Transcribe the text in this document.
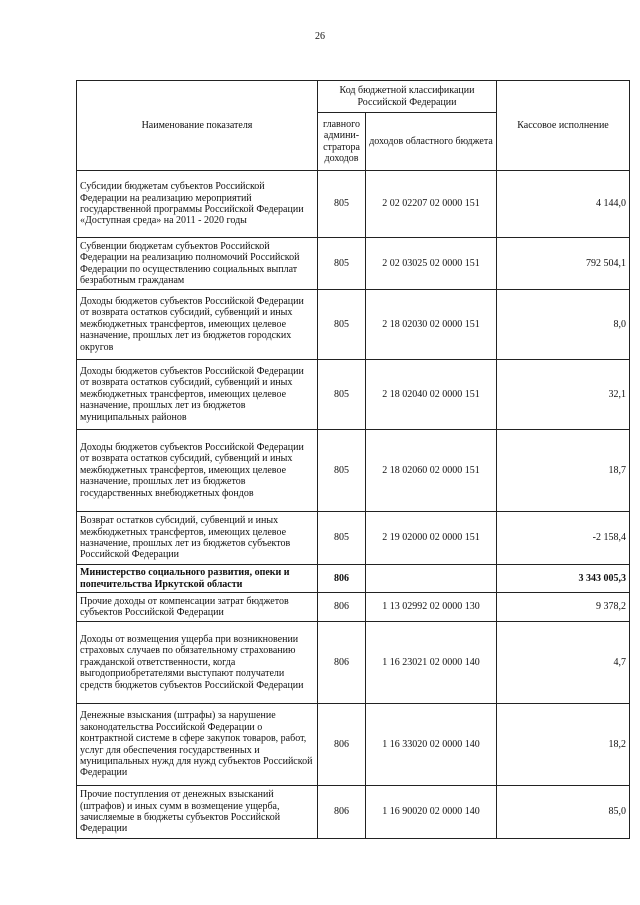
26
Наименование показателя	Код бюджетной классификации Российской Федерации		Кассовое исполнение
	главного админи-стратора доходов	доходов областного бюджета	
Субсидии бюджетам субъектов Российской Федерации на реализацию мероприятий государственной программы Российской Федерации «Доступная среда» на 2011 - 2020 годы	805	2 02 02207 02 0000 151	4 144,0
Субвенции бюджетам субъектов Российской Федерации на реализацию полномочий Российской Федерации по осуществлению социальных выплат безработным гражданам	805	2 02 03025 02 0000 151	792 504,1
Доходы бюджетов субъектов Российской Федерации от возврата остатков субсидий, субвенций и иных межбюджетных трансфертов, имеющих целевое назначение, прошлых лет из бюджетов городских округов	805	2 18 02030 02 0000 151	8,0
Доходы бюджетов субъектов Российской Федерации от возврата остатков субсидий, субвенций и иных межбюджетных трансфертов, имеющих целевое назначение, прошлых лет из бюджетов муниципальных районов	805	2 18 02040 02 0000 151	32,1
Доходы бюджетов субъектов Российской Федерации от возврата остатков субсидий, субвенций и иных межбюджетных трансфертов, имеющих целевое назначение, прошлых лет из бюджетов государственных внебюджетных фондов	805	2 18 02060 02 0000 151	18,7
Возврат остатков субсидий, субвенций и иных межбюджетных трансфертов, имеющих целевое назначение, прошлых лет из бюджетов субъектов Российской Федерации	805	2 19 02000 02 0000 151	-2 158,4
Министерство социального развития, опеки и попечительства Иркутской области	806		3 343 005,3
Прочие доходы от компенсации затрат бюджетов субъектов Российской Федерации	806	1 13 02992 02 0000 130	9 378,2
Доходы от возмещения ущерба при возникновении страховых случаев по обязательному страхованию гражданской ответственности, когда выгодоприобретателями выступают получатели средств бюджетов субъектов Российской Федерации	806	1 16 23021 02 0000 140	4,7
Денежные взыскания (штрафы) за нарушение законодательства Российской Федерации о контрактной системе в сфере закупок товаров, работ, услуг для обеспечения государственных и муниципальных нужд для нужд субъектов Российской Федерации	806	1 16 33020 02 0000 140	18,2
Прочие поступления от денежных взысканий (штрафов) и иных сумм в возмещение ущерба, зачисляемые в бюджеты субъектов Российской Федерации	806	1 16 90020 02 0000 140	85,0
